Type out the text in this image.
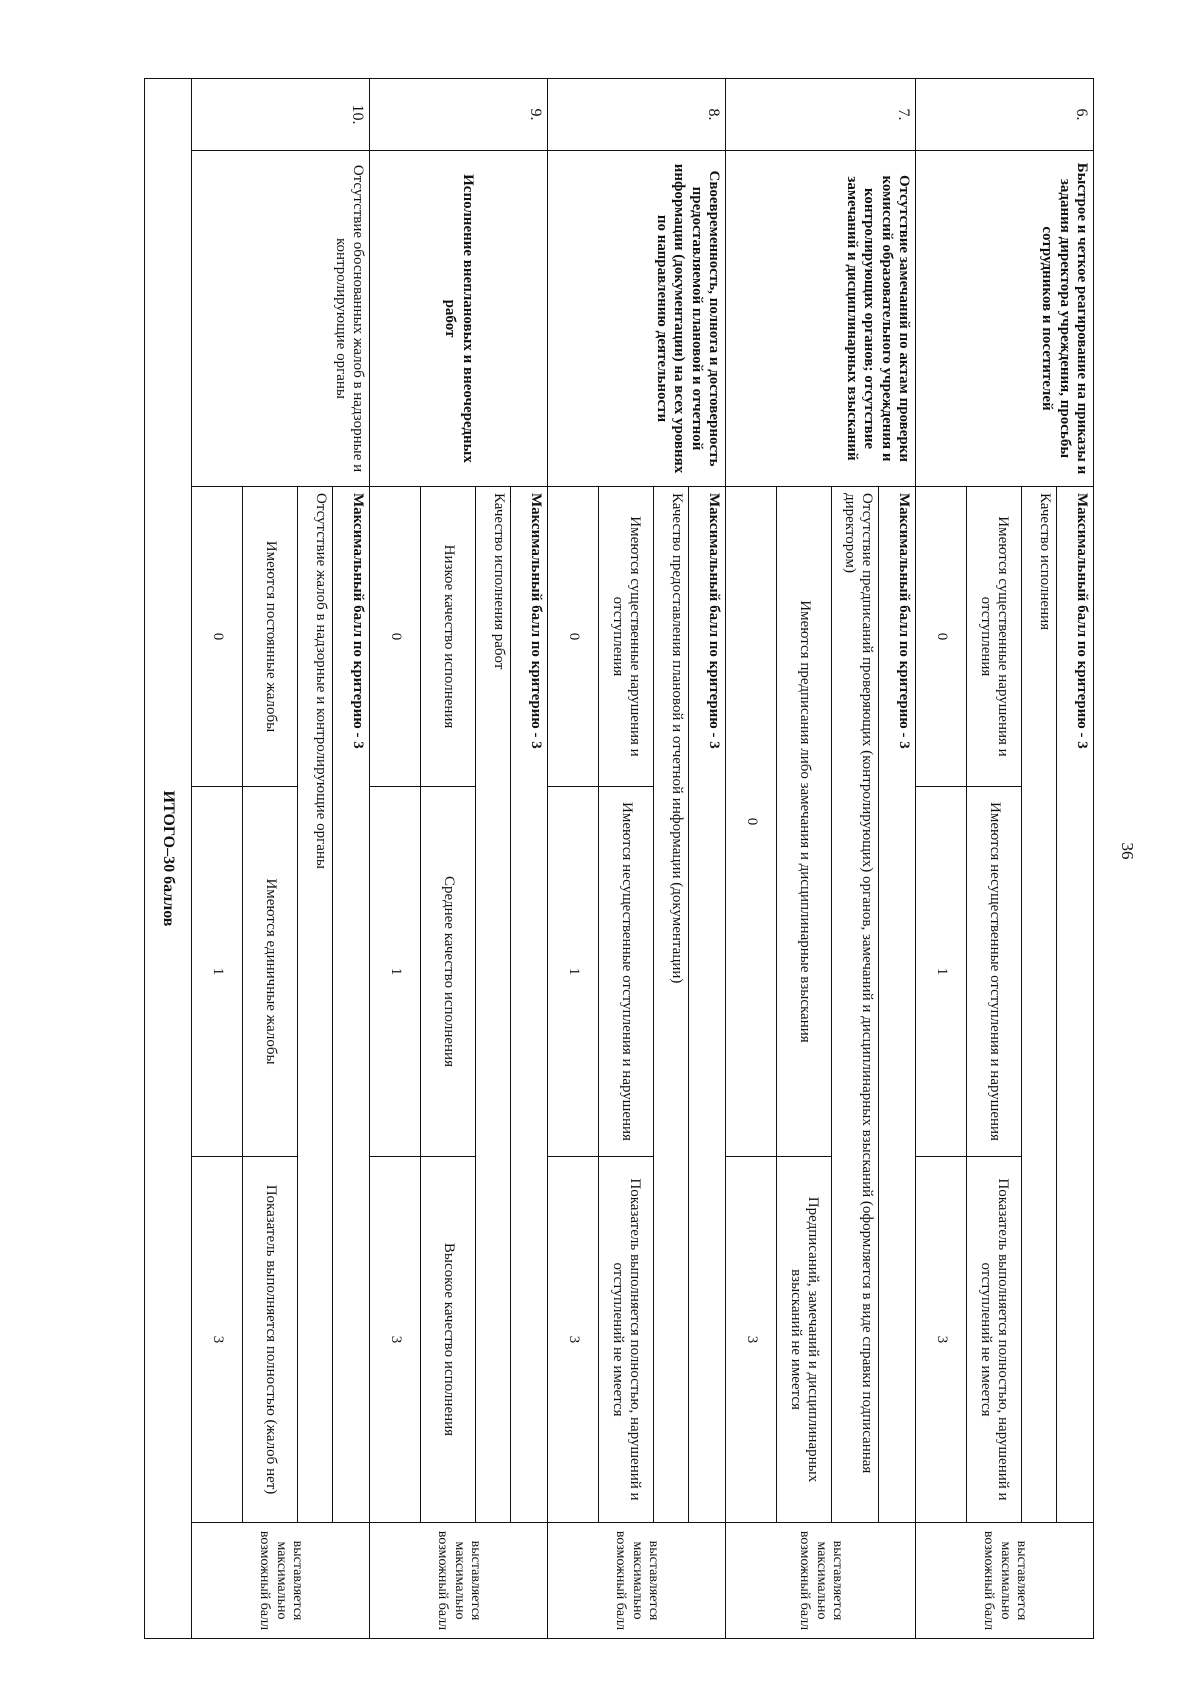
36
6.	Быстрое и четкое реагирование на приказы и задания директора учреждения, просьбы сотрудников и посетителей	Максимальный балл по критерию - 3			выставляется максимально возможный балл
		Качество исполнения			
		Имеются существенные нарушения и отступления	Имеются несущественные отступления и нарушения	Показатель выполняется полностью, нарушений и отступлений не имеется	
		0	1	3	
7.	Отсутствие замечаний по актам проверки комиссий образовательного учреждения и контролирующих органов; отсутствие замечаний и дисциплинарных взысканий	Максимальный балл по критерию - 3			выставляется максимально возможный балл
		Отсутствие предписаний проверяющих (контролирующих) органов, замечаний и дисциплинарных взысканий (оформляется в виде справки подписанная директором)			
		Имеются предписания либо замечания и дисциплинарные взыскания		Предписаний, замечаний и дисциплинарных взысканий не имеется	
		0		3	
8.	Своевременность, полнота и достоверность предоставляемой плановой и отчетной информации (документации) на всех уровнях по направлению деятельности	Максимальный балл по критерию - 3			выставляется максимально возможный балл
		Качество предоставления плановой и отчетной информации (документации)			
		Имеются существенные нарушения и отступления	Имеются несущественные отступления и нарушения	Показатель выполняется полностью, нарушений и отступлений не имеется	
		0	1	3	
9.	Исполнение внеплановых и внеочередных работ	Максимальный балл по критерию - 3			выставляется максимально возможный балл
		Качество исполнения работ			
		Низкое качество исполнения	Среднее качество исполнения	Высокое качество исполнения	
		0	1	3	
10.	Отсутствие обоснованных жалоб в надзорные и контролирующие органы	Максимальный балл по критерию - 3			выставляется максимально возможный балл
		Отсутствие жалоб в надзорные и контролирующие органы			
		Имеются постоянные жалобы	Имеются единичные жалобы	Показатель выполняется полностью (жалоб нет)	
		0	1	3	
ИТОГО–30 баллов					
